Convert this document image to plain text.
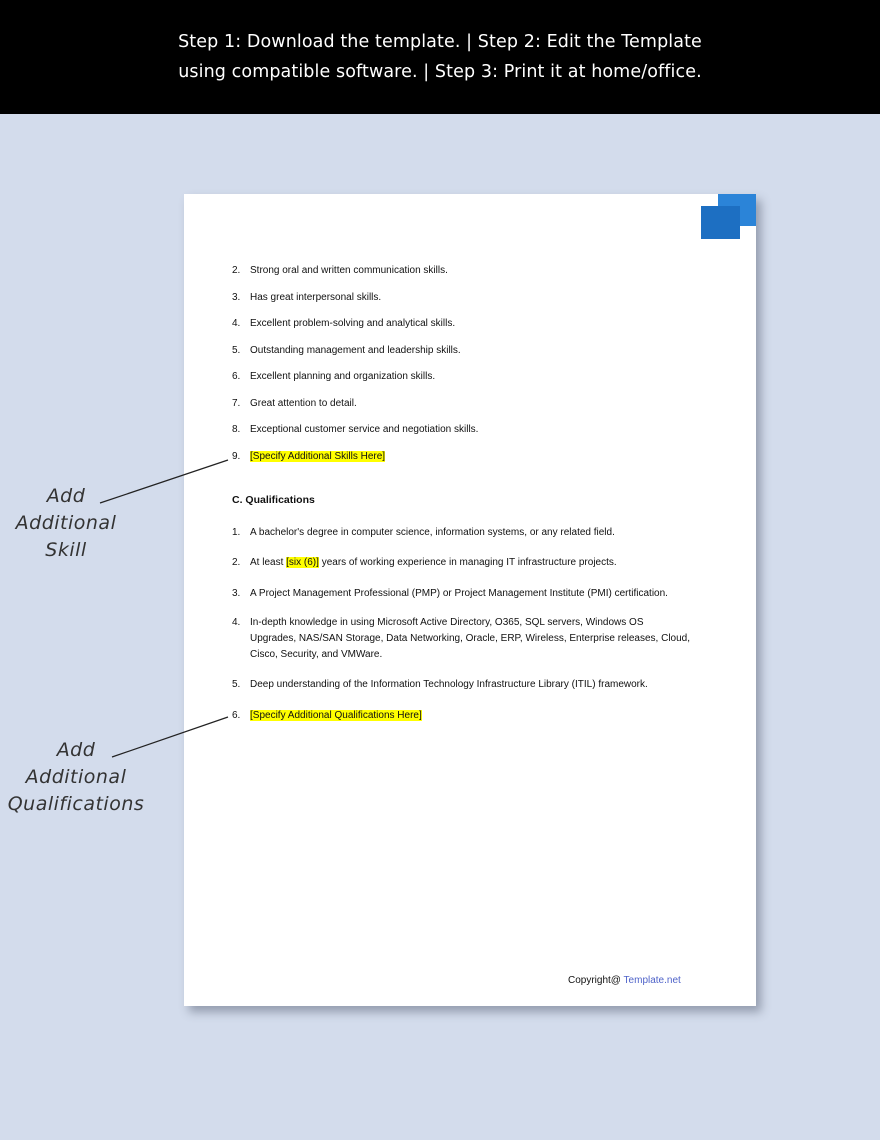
Step 1: Download the template. | Step 2: Edit the Template
using compatible software. | Step 3: Print it at home/office.
2. Strong oral and written communication skills.
3. Has great interpersonal skills.
4. Excellent problem-solving and analytical skills.
5. Outstanding management and leadership skills.
6. Excellent planning and organization skills.
7. Great attention to detail.
8. Exceptional customer service and negotiation skills.
9. [Specify Additional Skills Here]
C. Qualifications
1. A bachelor's degree in computer science, information systems, or any related field.
2. At least [six (6)] years of working experience in managing IT infrastructure projects.
3. A Project Management Professional (PMP) or Project Management Institute (PMI) certification.
4. In-depth knowledge in using Microsoft Active Directory, O365, SQL servers, Windows OS Upgrades, NAS/SAN Storage, Data Networking, Oracle, ERP, Wireless, Enterprise releases, Cloud, Cisco, Security, and VMWare.
5. Deep understanding of the Information Technology Infrastructure Library (ITIL) framework.
6. [Specify Additional Qualifications Here]
Copyright@ Template.net
Add
Additional
Skill
Add
Additional
Qualifications
